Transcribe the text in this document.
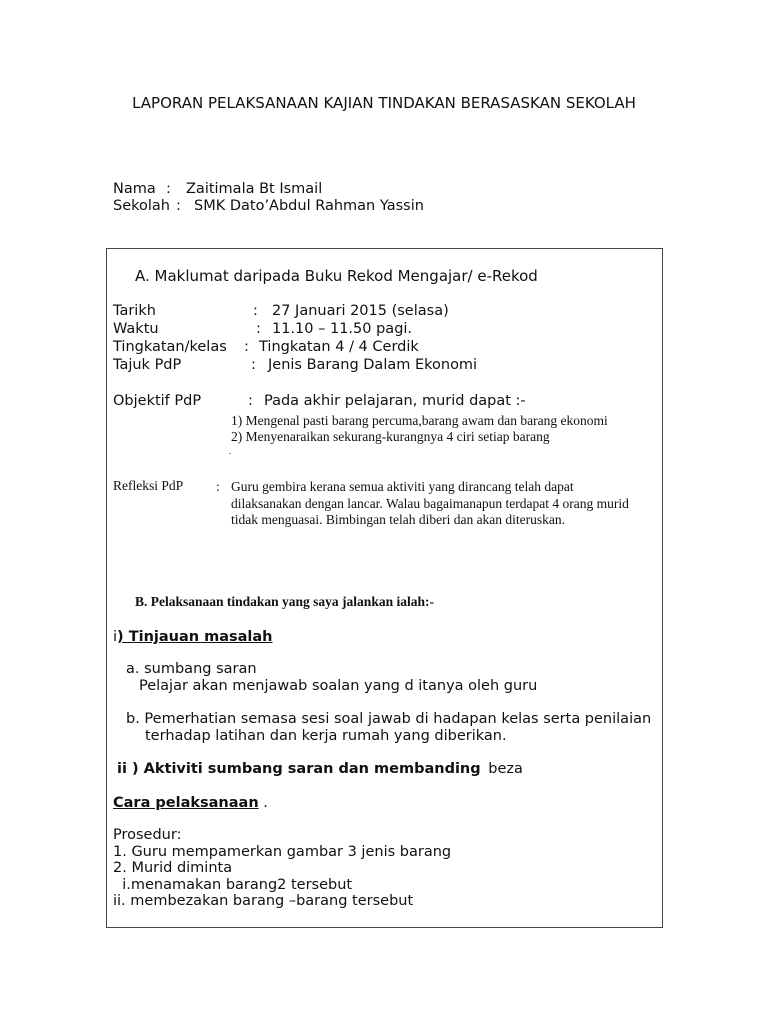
LAPORAN PELAKSANAAN KAJIAN TINDAKAN BERASASKAN SEKOLAH
Nama : Zaitimala Bt Ismail
Sekolah : SMK Dato’Abdul Rahman Yassin
A. Maklumat daripada Buku Rekod Mengajar/ e-Rekod
Tarikh	: 27 Januari 2015 (selasa)
Waktu	: 11.10 – 11.50 pagi.
Tingkatan/kelas : Tingkatan 4 / 4 Cerdik
Tajuk PdP	: Jenis Barang Dalam Ekonomi
Objektif PdP	: Pada akhir pelajaran, murid dapat :-
1) Mengenal pasti barang percuma,barang awam dan barang ekonomi
2) Menyenaraikan sekurang-kurangnya 4 ciri setiap barang
.
Refleksi PdP : Guru gembira kerana semua aktiviti yang dirancang telah dapat
dilaksanakan dengan lancar. Walau bagaimanapun terdapat 4 orang murid
tidak menguasai. Bimbingan telah diberi dan akan diteruskan.
B. Pelaksanaan tindakan yang saya jalankan ialah:-
i) Tinjauan masalah
a. sumbang saran
Pelajar akan menjawab soalan yang d itanya oleh guru
b. Pemerhatian semasa sesi soal jawab di hadapan kelas serta penilaian
terhadap latihan dan kerja rumah yang diberikan.
ii ) Aktiviti sumbang saran dan membanding beza
Cara pelaksanaan .
Prosedur:
1. Guru mempamerkan gambar 3 jenis barang
2. Murid diminta
i.menamakan barang2 tersebut
ii. membezakan barang –barang tersebut
